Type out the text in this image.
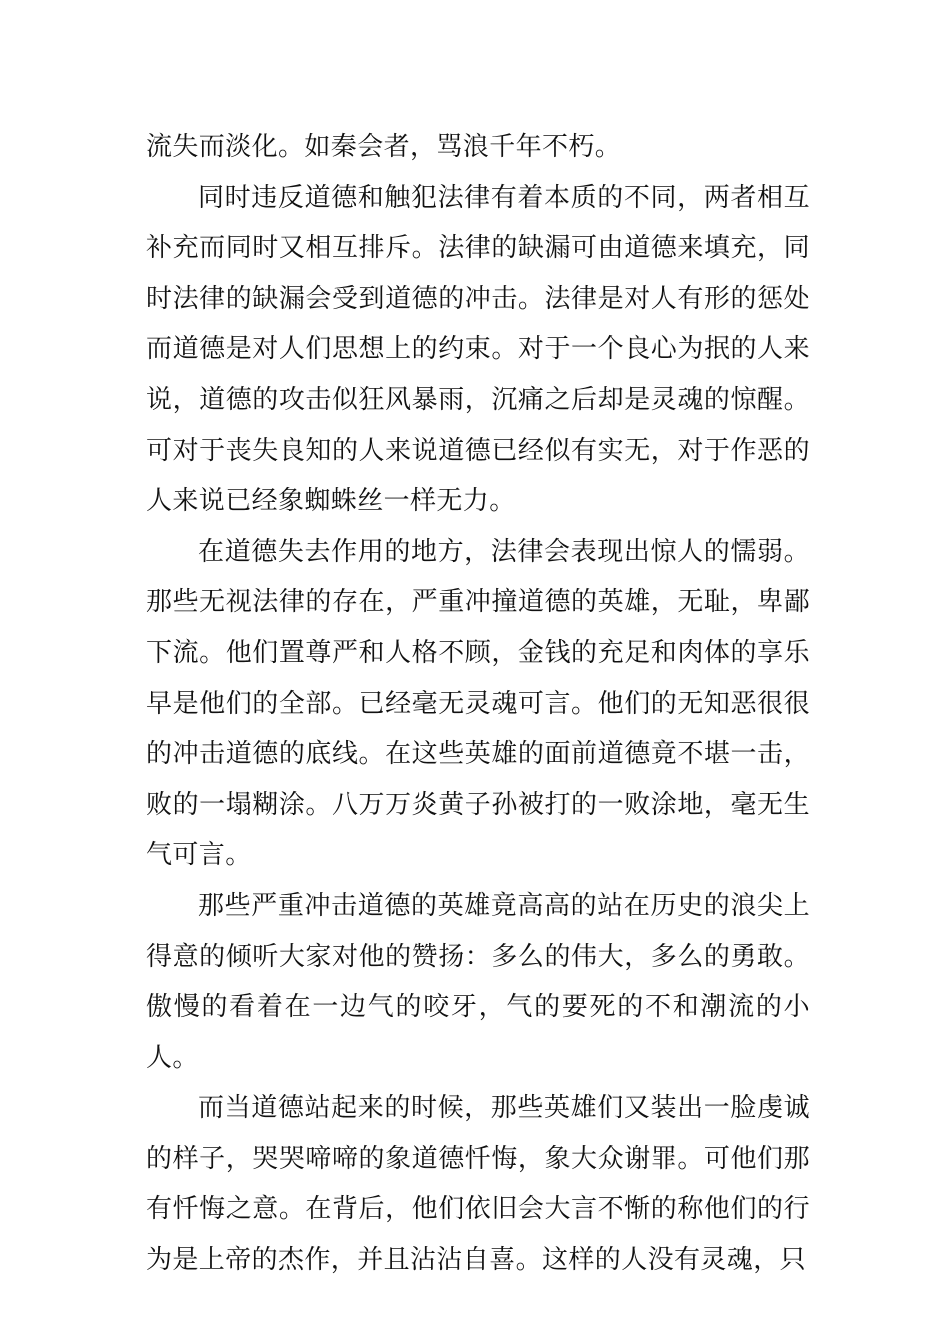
流失而淡化。如秦会者，骂浪千年不朽。

同时违反道德和触犯法律有着本质的不同，两者相互补充而同时又相互排斥。法律的缺漏可由道德来填充，同时法律的缺漏会受到道德的冲击。法律是对人有形的惩处而道德是对人们思想上的约束。对于一个良心为抿的人来说，道德的攻击似狂风暴雨，沉痛之后却是灵魂的惊醒。可对于丧失良知的人来说道德已经似有实无，对于作恶的人来说已经象蜘蛛丝一样无力。

在道德失去作用的地方，法律会表现出惊人的懦弱。那些无视法律的存在，严重冲撞道德的英雄，无耻，卑鄙下流。他们置尊严和人格不顾，金钱的充足和肉体的享乐早是他们的全部。已经毫无灵魂可言。他们的无知恶很很的冲击道德的底线。在这些英雄的面前道德竟不堪一击，败的一塌糊涂。八万万炎黄子孙被打的一败涂地，毫无生气可言。

那些严重冲击道德的英雄竟高高的站在历史的浪尖上得意的倾听大家对他的赞扬：多么的伟大，多么的勇敢。傲慢的看着在一边气的咬牙，气的要死的不和潮流的小人。

而当道德站起来的时候，那些英雄们又装出一脸虔诚的样子，哭哭啼啼的象道德忏悔，象大众谢罪。可他们那有忏悔之意。在背后，他们依旧会大言不惭的称他们的行为是上帝的杰作，并且沾沾自喜。这样的人没有灵魂，只
